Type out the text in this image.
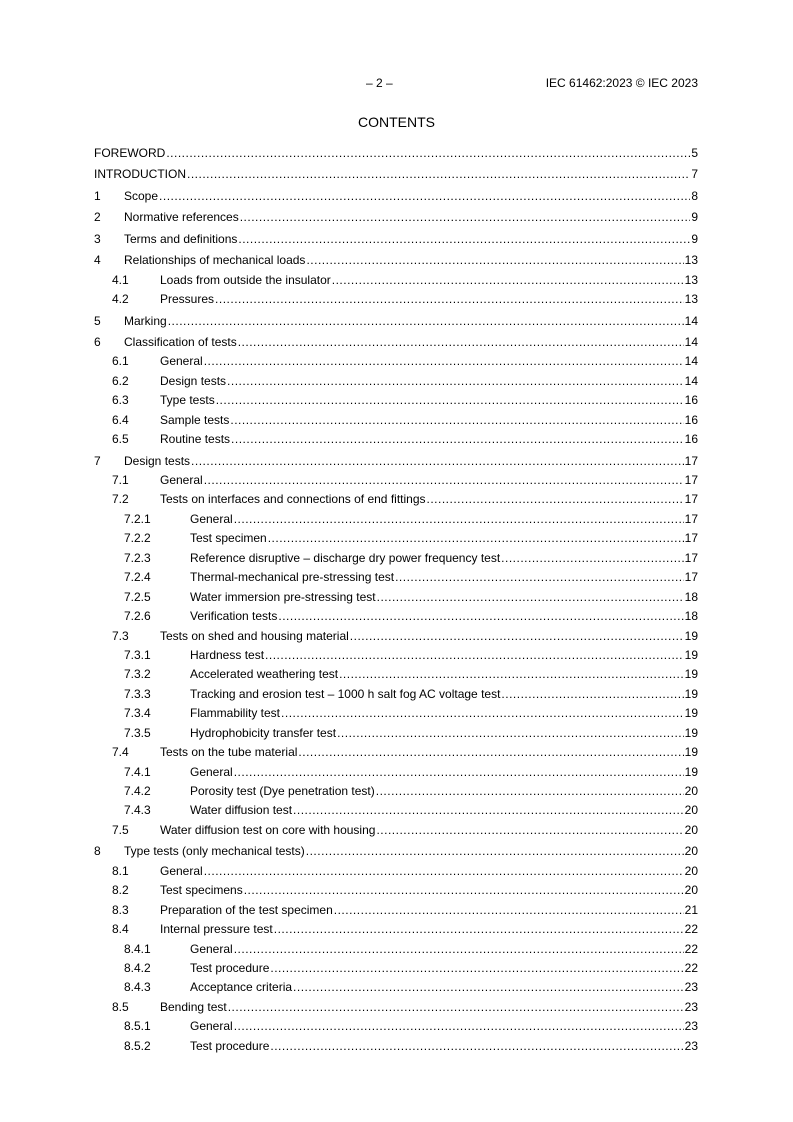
– 2 –	IEC 61462:2023 © IEC 2023
CONTENTS
FOREWORD .....	5
INTRODUCTION .....	7
1 Scope .....	8
2 Normative references .....	9
3 Terms and definitions .....	9
4 Relationships of mechanical loads .....	13
4.1	Loads from outside the insulator .....	13
4.2	Pressures .....	13
5 Marking .....	14
6 Classification of tests .....	14
6.1	General .....	14
6.2	Design tests .....	14
6.3	Type tests .....	16
6.4	Sample tests .....	16
6.5	Routine tests .....	16
7 Design tests .....	17
7.1	General .....	17
7.2	Tests on interfaces and connections of end fittings .....	17
7.2.1	General .....	17
7.2.2	Test specimen .....	17
7.2.3	Reference disruptive – discharge dry power frequency test .....	17
7.2.4	Thermal-mechanical pre-stressing test .....	17
7.2.5	Water immersion pre-stressing test .....	18
7.2.6	Verification tests .....	18
7.3	Tests on shed and housing material .....	19
7.3.1	Hardness test .....	19
7.3.2	Accelerated weathering test .....	19
7.3.3	Tracking and erosion test – 1000 h salt fog AC voltage test .....	19
7.3.4	Flammability test .....	19
7.3.5	Hydrophobicity transfer test .....	19
7.4	Tests on the tube material .....	19
7.4.1	General .....	19
7.4.2	Porosity test (Dye penetration test) .....	20
7.4.3	Water diffusion test .....	20
7.5	Water diffusion test on core with housing .....	20
8 Type tests (only mechanical tests) .....	20
8.1	General .....	20
8.2	Test specimens .....	20
8.3	Preparation of the test specimen .....	21
8.4	Internal pressure test .....	22
8.4.1	General .....	22
8.4.2	Test procedure .....	22
8.4.3	Acceptance criteria .....	23
8.5	Bending test .....	23
8.5.1	General .....	23
8.5.2	Test procedure .....	23
